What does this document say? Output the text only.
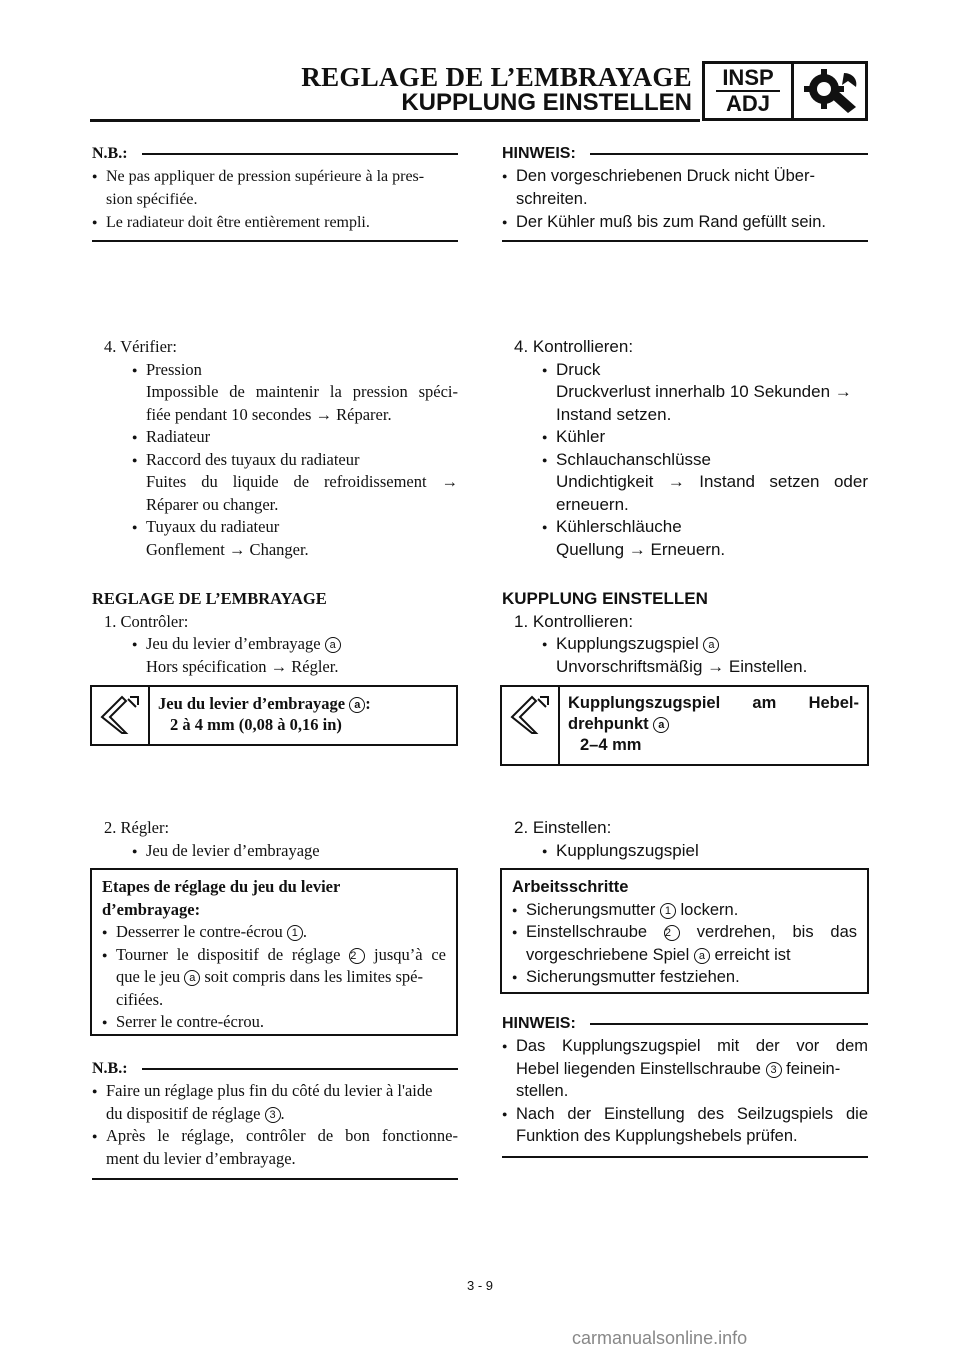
REGLAGE DE L’EMBRAYAGE
KUPPLUNG EINSTELLEN
INSP
ADJ
N.B.:

● Ne pas appliquer de pression supérieure à la pres-

sion spécifiée.

● Le radiateur doit être entièrement rempli.

HINWEIS:

● Den vorgeschriebenen Druck nicht Über-

schreiten.

● Der Kühler muß bis zum Rand gefüllt sein.

4. Vérifier:

● Pression

Impossible de maintenir la pression spéci-

fiée pendant 10 secondes → Réparer.

● Radiateur

● Raccord des tuyaux du radiateur

Fuites du liquide de refroidissement →

Réparer ou changer.

● Tuyaux du radiateur

Gonflement → Changer.

4. Kontrollieren:

● Druck

Druckverlust innerhalb 10 Sekunden →

Instand setzen.

● Kühler

● Schlauchanschlüsse

Undichtigkeit → Instand setzen oder

erneuern.

● Kühlerschläuche

Quellung → Erneuern.

REGLAGE DE L’EMBRAYAGE

1. Contrôler:

● Jeu du levier d’embrayage a

Hors spécification → Régler.

Jeu du levier d’embrayage a :
2 à 4 mm (0,08 à 0,16 in)

2. Régler:

● Jeu de levier d’embrayage

Etapes de réglage du jeu du levier
d’embrayage:

● Desserrer le contre-écrou 1 .

● Tourner le dispositif de réglage 2 jusqu’à ce

que le jeu a soit compris dans les limites spé-
cifiées.

● Serrer le contre-écrou.

N.B.:

● Faire un réglage plus fin du côté du levier à l'aide

du dispositif de réglage 3 .

● Après le réglage, contrôler de bon fonctionne-

ment du levier d’embrayage.

KUPPLUNG EINSTELLEN

1. Kontrollieren:

● Kupplungszugspiel a

Unvorschriftsmäßig → Einstellen.

Kupplungszugspiel am Hebel-
drehpunkt a
2–4 mm

2. Einstellen:

● Kupplungszugspiel

Arbeitsschritte

● Sicherungsmutter 1 lockern.

● Einstellschraube 2 verdrehen, bis das

vorgeschriebene Spiel a erreicht ist

● Sicherungsmutter festziehen.

HINWEIS:

● Das Kupplungszugspiel mit der vor dem

Hebel liegenden Einstellschraube 3 feinein-
stellen.

● Nach der Einstellung des Seilzugspiels die

Funktion des Kupplungshebels prüfen.
3 - 9
carmanualsonline.info
